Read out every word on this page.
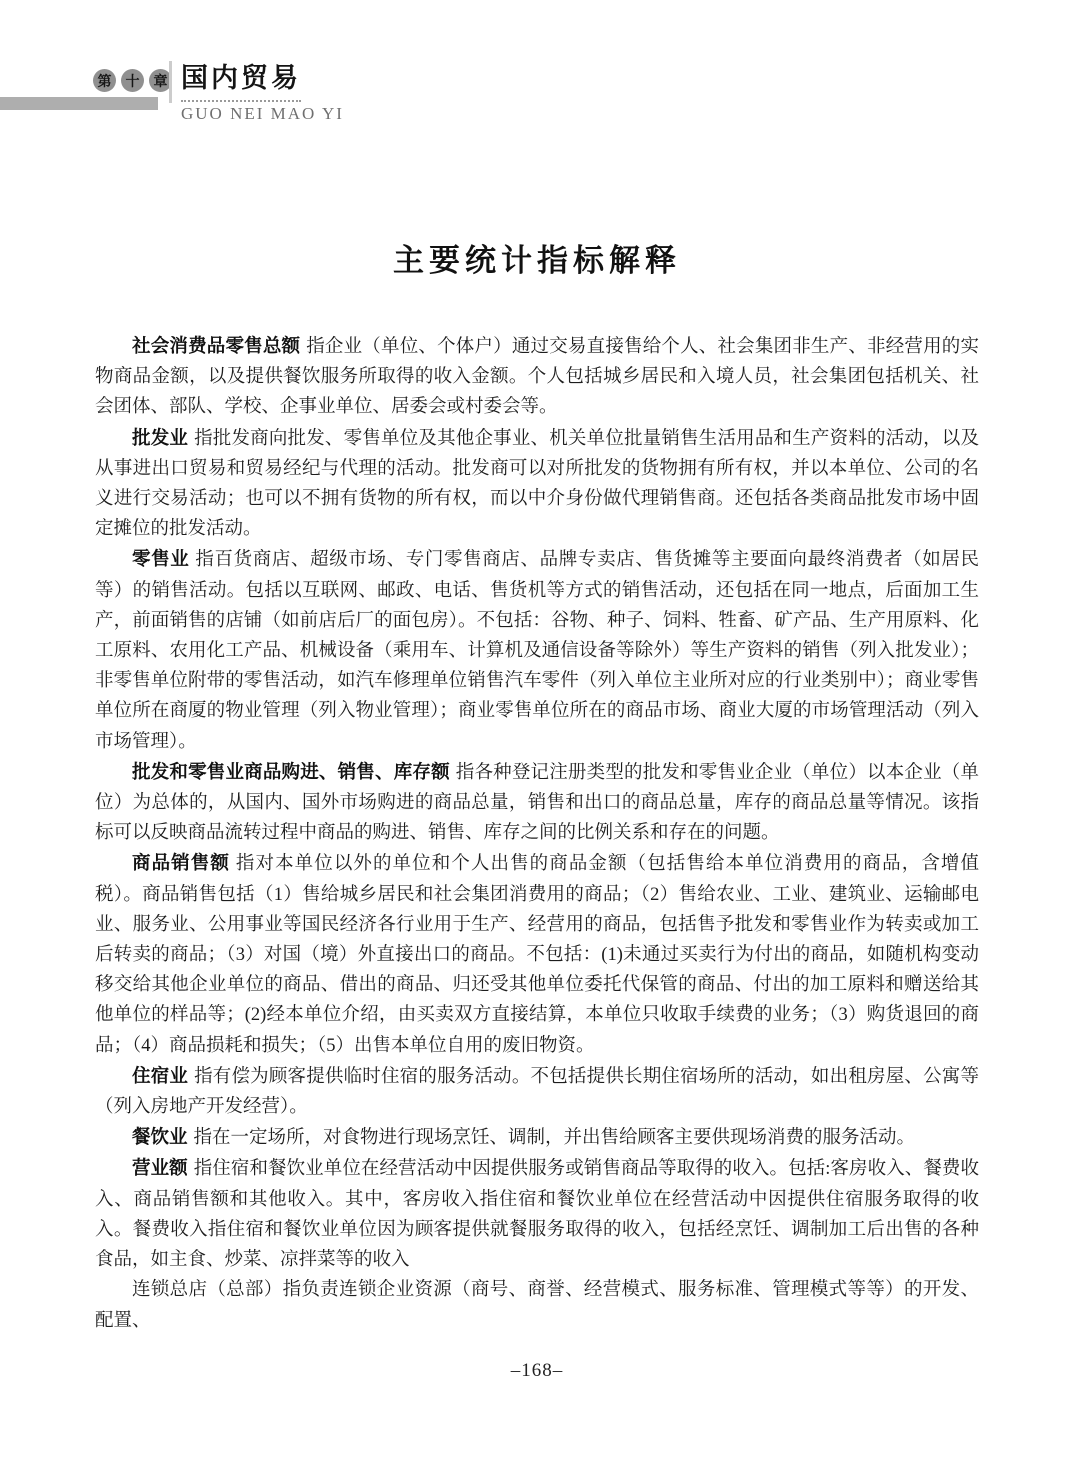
第	十	章 国内贸易
GUO NEI MAO YI
主要统计指标解释

社会消费品零售总额 指企业（单位、个体户）通过交易直接售给个人、社会集团非生产、非经营用的实物商品金额，以及提供餐饮服务所取得的收入金额。个人包括城乡居民和入境人员，社会集团包括机关、社会团体、部队、学校、企事业单位、居委会或村委会等。

批发业 指批发商向批发、零售单位及其他企事业、机关单位批量销售生活用品和生产资料的活动，以及从事进出口贸易和贸易经纪与代理的活动。批发商可以对所批发的货物拥有所有权，并以本单位、公司的名义进行交易活动；也可以不拥有货物的所有权，而以中介身份做代理销售商。还包括各类商品批发市场中固定摊位的批发活动。

零售业 指百货商店、超级市场、专门零售商店、品牌专卖店、售货摊等主要面向最终消费者（如居民等）的销售活动。包括以互联网、邮政、电话、售货机等方式的销售活动，还包括在同一地点，后面加工生产，前面销售的店铺（如前店后厂的面包房）。不包括：谷物、种子、饲料、牲畜、矿产品、生产用原料、化工原料、农用化工产品、机械设备（乘用车、计算机及通信设备等除外）等生产资料的销售（列入批发业）；非零售单位附带的零售活动，如汽车修理单位销售汽车零件（列入单位主业所对应的行业类别中）；商业零售单位所在商厦的物业管理（列入物业管理）；商业零售单位所在的商品市场、商业大厦的市场管理活动（列入市场管理）。

批发和零售业商品购进、销售、库存额 指各种登记注册类型的批发和零售业企业（单位）以本企业（单位）为总体的，从国内、国外市场购进的商品总量，销售和出口的商品总量，库存的商品总量等情况。该指标可以反映商品流转过程中商品的购进、销售、库存之间的比例关系和存在的问题。

商品销售额 指对本单位以外的单位和个人出售的商品金额（包括售给本单位消费用的商品，含增值税）。商品销售包括（1）售给城乡居民和社会集团消费用的商品；（2）售给农业、工业、建筑业、运输邮电业、服务业、公用事业等国民经济各行业用于生产、经营用的商品，包括售予批发和零售业作为转卖或加工后转卖的商品；（3）对国（境）外直接出口的商品。不包括：(1)未通过买卖行为付出的商品，如随机构变动移交给其他企业单位的商品、借出的商品、归还受其他单位委托代保管的商品、付出的加工原料和赠送给其他单位的样品等；(2)经本单位介绍，由买卖双方直接结算，本单位只收取手续费的业务；（3）购货退回的商品；（4）商品损耗和损失；（5）出售本单位自用的废旧物资。

住宿业 指有偿为顾客提供临时住宿的服务活动。不包括提供长期住宿场所的活动，如出租房屋、公寓等（列入房地产开发经营）。

餐饮业 指在一定场所，对食物进行现场烹饪、调制，并出售给顾客主要供现场消费的服务活动。

营业额 指住宿和餐饮业单位在经营活动中因提供服务或销售商品等取得的收入。包括:客房收入、餐费收入、商品销售额和其他收入。其中，客房收入指住宿和餐饮业单位在经营活动中因提供住宿服务取得的收入。餐费收入指住宿和餐饮业单位因为顾客提供就餐服务取得的收入，包括经烹饪、调制加工后出售的各种食品，如主食、炒菜、凉拌菜等的收入

连锁总店（总部）指负责连锁企业资源（商号、商誉、经营模式、服务标准、管理模式等等）的开发、配置、

–168–
